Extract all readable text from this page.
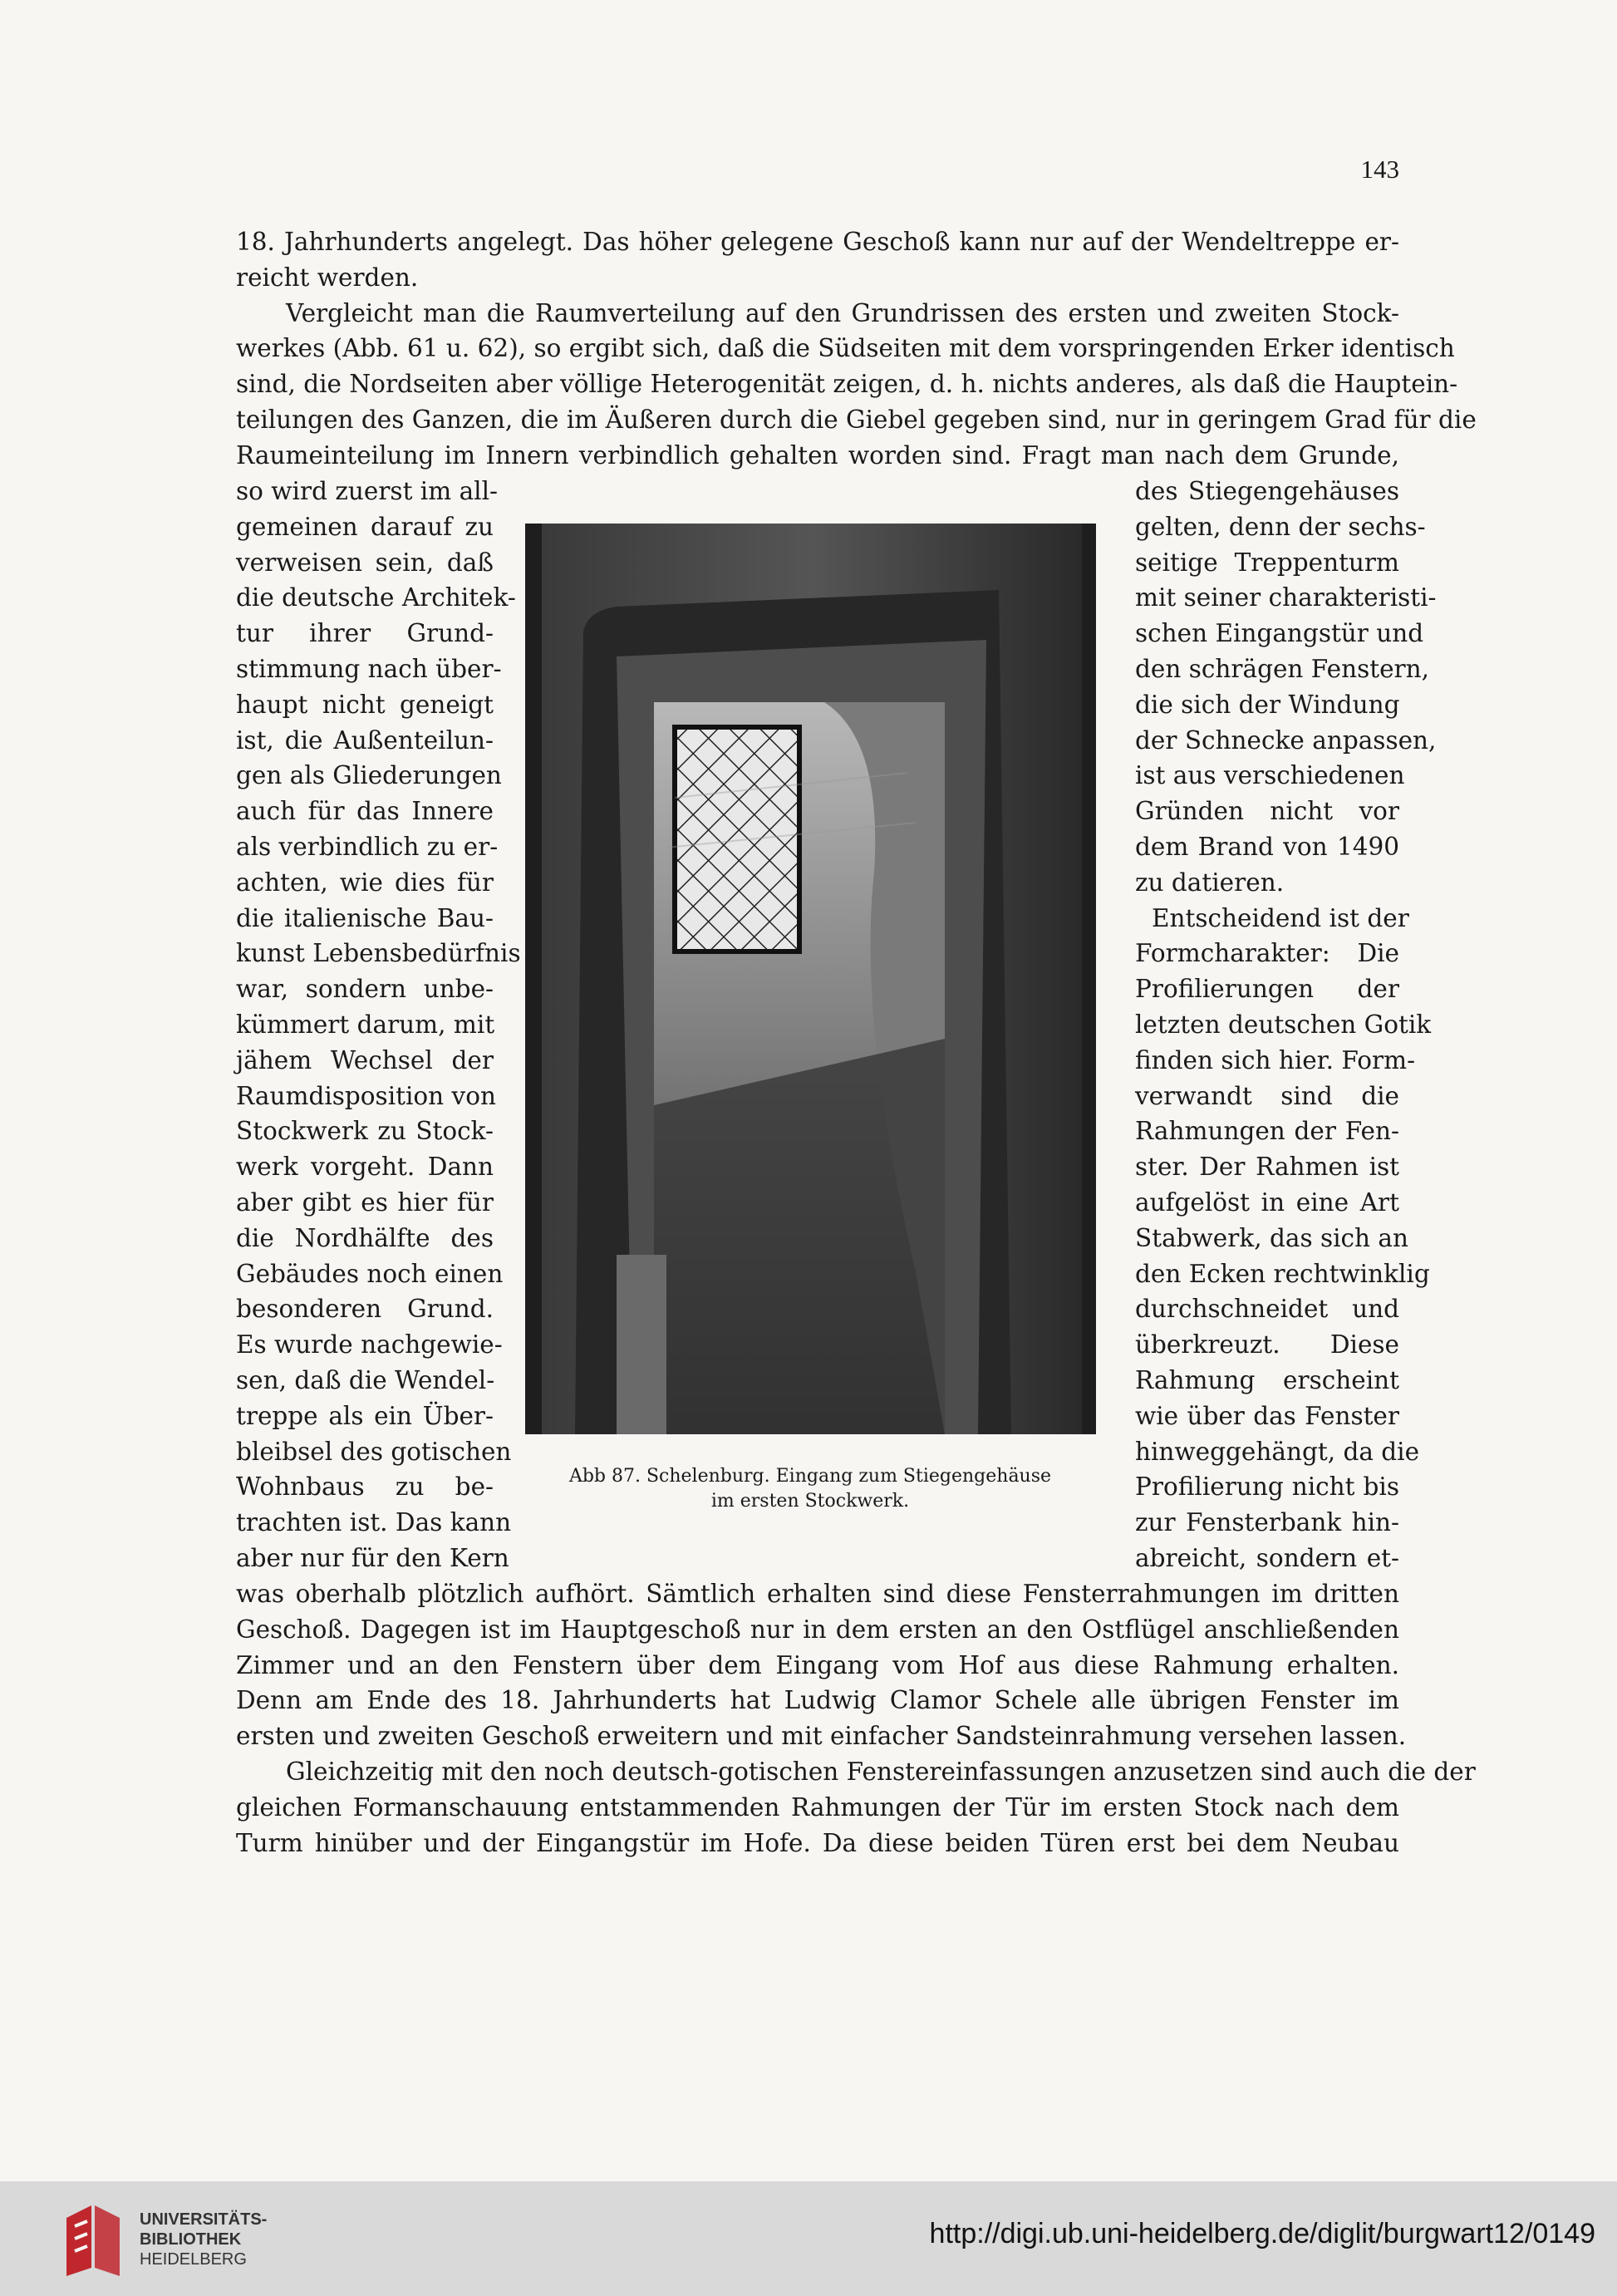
143
18. Jahrhunderts angelegt. Das höher gelegene Geschoß kann nur auf der Wendeltreppe er-
reicht werden.
Vergleicht man die Raumverteilung auf den Grundrissen des ersten und zweiten Stock-
werkes (Abb. 61 u. 62), so ergibt sich, daß die Südseiten mit dem vorspringenden Erker identisch
sind, die Nordseiten aber völlige Heterogenität zeigen, d. h. nichts anderes, als daß die Hauptein-
teilungen des Ganzen, die im Äußeren durch die Giebel gegeben sind, nur in geringem Grad für die
Raumeinteilung im Innern verbindlich gehalten worden sind. Fragt man nach dem Grunde,
so wird zuerst im all-
gemeinen darauf zu
verweisen sein, daß
die deutsche Architek-
tur ihrer Grund-
stimmung nach über-
haupt nicht geneigt
ist, die Außenteilun-
gen als Gliederungen
auch für das Innere
als verbindlich zu er-
achten, wie dies für
die italienische Bau-
kunst Lebensbedürfnis
war, sondern unbe-
kümmert darum, mit
jähem Wechsel der
Raumdisposition von
Stockwerk zu Stock-
werk vorgeht. Dann
aber gibt es hier für
die Nordhälfte des
Gebäudes noch einen
besonderen Grund.
Es wurde nachgewie-
sen, daß die Wendel-
treppe als ein Über-
bleibsel des gotischen
Wohnbaus zu be-
trachten ist. Das kann
aber nur für den Kern
des Stiegengehäuses
gelten, denn der sechs-
seitige Treppenturm
mit seiner charakteristi-
schen Eingangstür und
den schrägen Fenstern,
die sich der Windung
der Schnecke anpassen,
ist aus verschiedenen
Gründen nicht vor
dem Brand von 1490
zu datieren.
Entscheidend ist der
Formcharakter: Die
Profilierungen der
letzten deutschen Gotik
finden sich hier. Form-
verwandt sind die
Rahmungen der Fen-
ster. Der Rahmen ist
aufgelöst in eine Art
Stabwerk, das sich an
den Ecken rechtwinklig
durchschneidet und
überkreuzt. Diese
Rahmung erscheint
wie über das Fenster
hinweggehängt, da die
Profilierung nicht bis
zur Fensterbank hin-
abreicht, sondern et-
was oberhalb plötzlich aufhört. Sämtlich erhalten sind diese Fensterrahmungen im dritten
Geschoß. Dagegen ist im Hauptgeschoß nur in dem ersten an den Ostflügel anschließenden
Zimmer und an den Fenstern über dem Eingang vom Hof aus diese Rahmung erhalten.
Denn am Ende des 18. Jahrhunderts hat Ludwig Clamor Schele alle übrigen Fenster im
ersten und zweiten Geschoß erweitern und mit einfacher Sandsteinrahmung versehen lassen.
Gleichzeitig mit den noch deutsch-gotischen Fenstereinfassungen anzusetzen sind auch die der
gleichen Formanschauung entstammenden Rahmungen der Tür im ersten Stock nach dem
Turm hinüber und der Eingangstür im Hofe. Da diese beiden Türen erst bei dem Neubau
Abb 87. Schelenburg. Eingang zum Stiegengehäuse
im ersten Stockwerk.
UNIVERSITÄTS-
BIBLIOTHEK
HEIDELBERG
http://digi.ub.uni-heidelberg.de/diglit/burgwart12/0149
